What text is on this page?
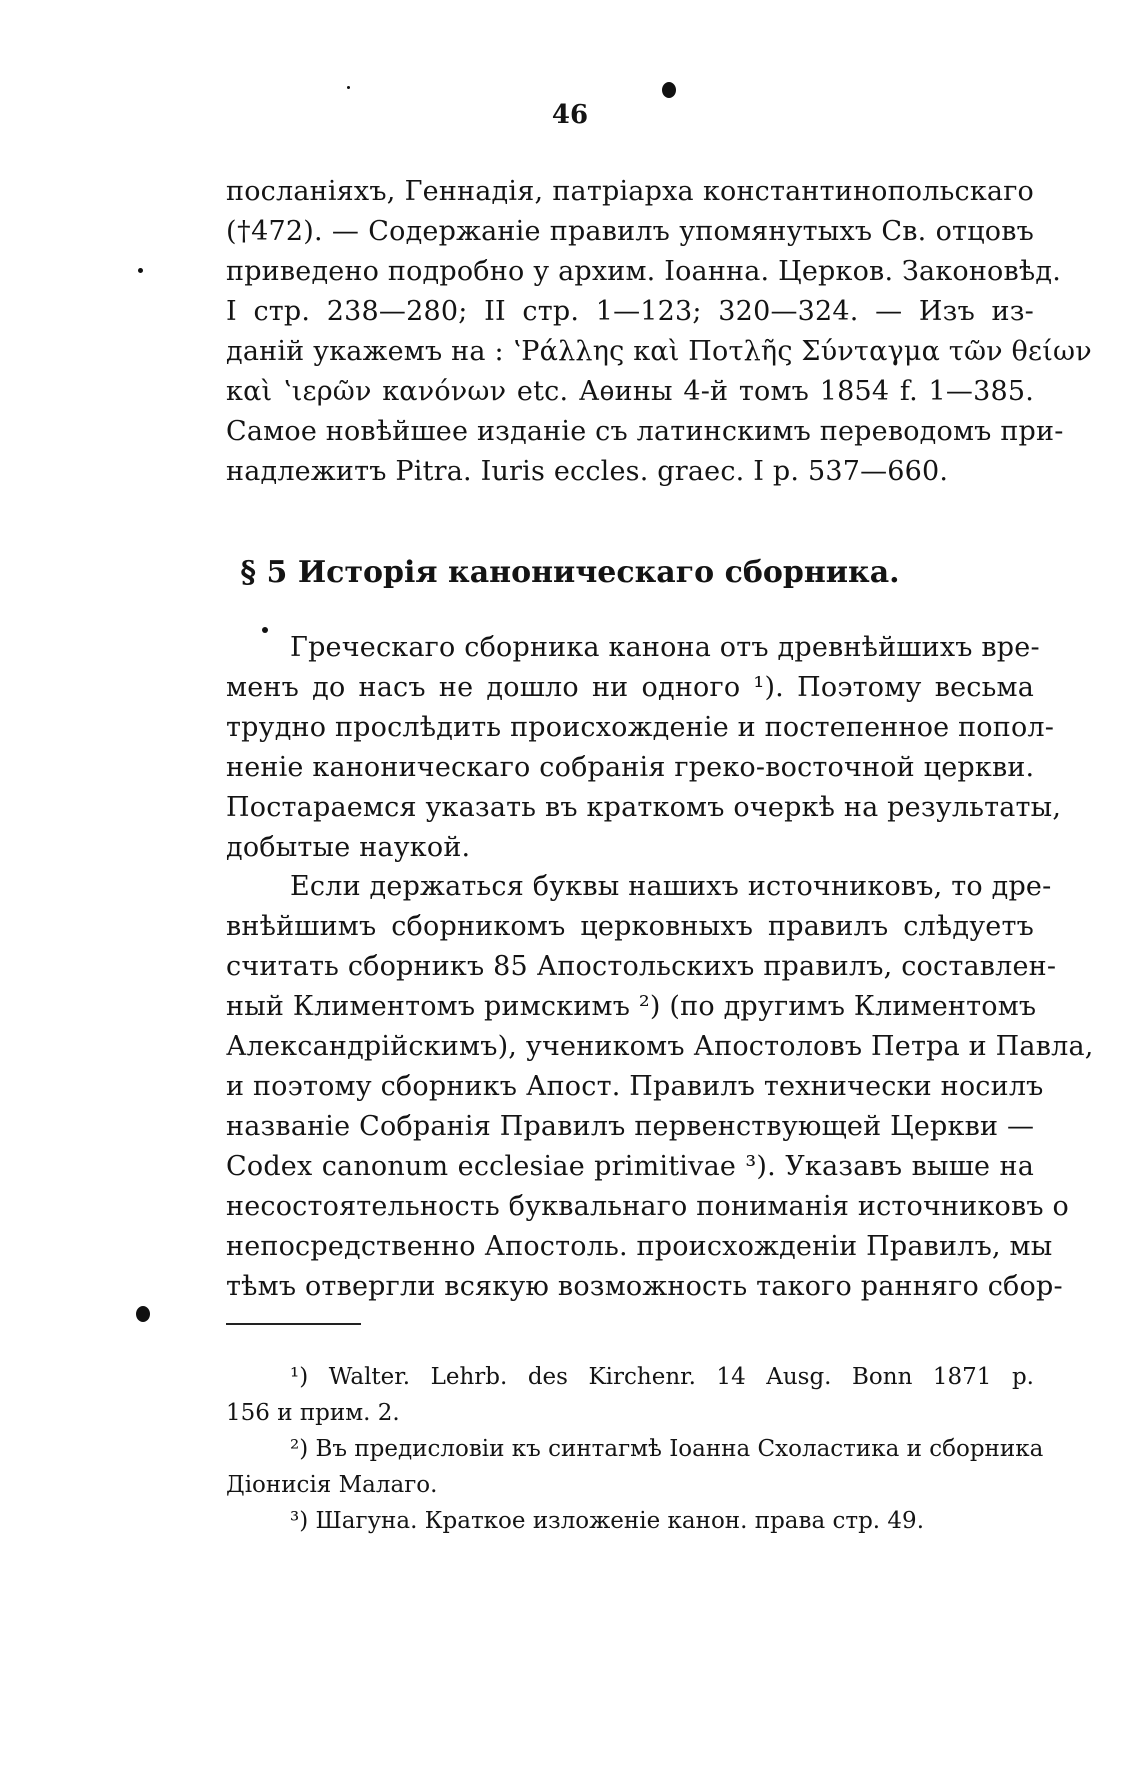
46
посланіяхъ, Геннадія, патріарха константинопольскаго
(†472). — Содержаніе правилъ упомянутыхъ Св. отцовъ
приведено подробно у архим. Іоанна. Церков. Законовѣд.
I стр. 238—280; II стр. 1—123; 320—324. — Изъ из-
даній укажемъ на : ʽΡάλλης καὶ Ποτλῆς Σύνταγμα τῶν θείων
καὶ ʽιερῶν κανόνων etc. Аѳины 4-й томъ 1854 f. 1—385.
Самое новѣйшее изданіе съ латинскимъ переводомъ при-
надлежитъ Pitra. Iuris eccles. graec. I p. 537—660.
§ 5 Исторія каноническаго сборника.
Греческаго сборника канона отъ древнѣйшихъ вре-
менъ до насъ не дошло ни одного ¹). Поэтому весьма
трудно прослѣдить происхожденіе и постепенное попол-
неніе каноническаго собранія греко-восточной церкви.
Постараемся указать въ краткомъ очеркѣ на результаты,
добытые наукой.
Если держаться буквы нашихъ источниковъ, то дре-
внѣйшимъ сборникомъ церковныхъ правилъ слѣдуетъ
считать сборникъ 85 Апостольскихъ правилъ, составлен-
ный Климентомъ римскимъ ²) (по другимъ Климентомъ
Александрійскимъ), ученикомъ Апостоловъ Петра и Павла,
и поэтому сборникъ Апост. Правилъ технически носилъ
названіе Собранія Правилъ первенствующей Церкви —
Codex canonum ecclesiae primitivae ³). Указавъ выше на
несостоятельность буквальнаго пониманія источниковъ о
непосредственно Апостоль. происхожденіи Правилъ, мы
тѣмъ отвергли всякую возможность такого ранняго сбор-
¹) Walter. Lehrb. des Kirchenr. 14 Ausg. Bonn 1871 p.
156 и прим. 2.
²) Въ предисловіи къ синтагмѣ Іоанна Схоластика и сборника
Діонисія Малаго.
³) Шагуна. Краткое изложеніе канон. права стр. 49.
